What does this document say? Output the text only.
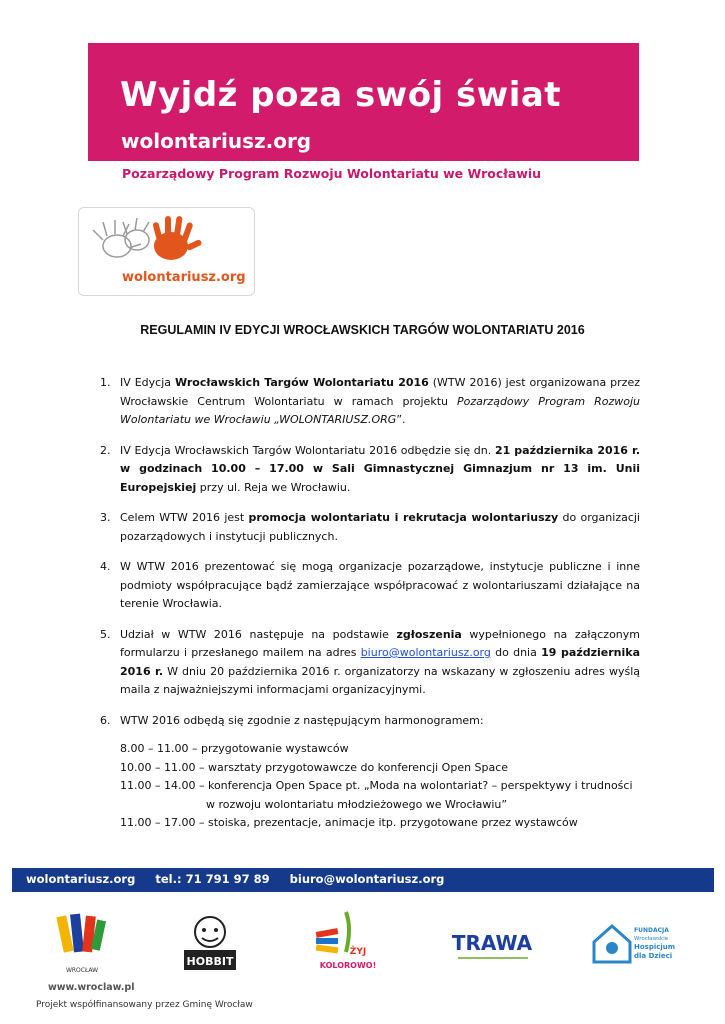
Wyjdź poza swój świat
wolontariusz.org
Pozarządowy Program Rozwoju Wolontariatu we Wrocławiu
wolontariusz.org
REGULAMIN IV EDYCJI WROCŁAWSKICH TARGÓW WOLONTARIATU 2016
1. IV Edycja Wrocławskich Targów Wolontariatu 2016 (WTW 2016) jest organizowana przez Wrocławskie Centrum Wolontariatu w ramach projektu Pozarządowy Program Rozwoju Wolontariatu we Wrocławiu „WOLONTARIUSZ.ORG”.
2. IV Edycja Wrocławskich Targów Wolontariatu 2016 odbędzie się dn. 21 października 2016 r. w godzinach 10.00 – 17.00 w Sali Gimnastycznej Gimnazjum nr 13 im. Unii Europejskiej przy ul. Reja we Wrocławiu.
3. Celem WTW 2016 jest promocja wolontariatu i rekrutacja wolontariuszy do organizacji pozarządowych i instytucji publicznych.
4. W WTW 2016 prezentować się mogą organizacje pozarządowe, instytucje publiczne i inne podmioty współpracujące bądź zamierzające współpracować z wolontariuszami działające na terenie Wrocławia.
5. Udział w WTW 2016 następuje na podstawie zgłoszenia wypełnionego na załączonym formularzu i przesłanego mailem na adres biuro@wolontariusz.org do dnia 19 października 2016 r. W dniu 20 października 2016 r. organizatorzy na wskazany w zgłoszeniu adres wyślą maila z najważniejszymi informacjami organizacyjnymi.
6. WTW 2016 odbędą się zgodnie z następującym harmonogramem:
8.00 – 11.00 – przygotowanie wystawców
10.00 – 11.00 – warsztaty przygotowawcze do konferencji Open Space
11.00 – 14.00 – konferencja Open Space pt. „Moda na wolontariat? – perspektywy i trudności
w rozwoju wolontariatu młodzieżowego we Wrocławiu”
11.00 – 17.00 – stoiska, prezentacje, animacje itp. przygotowane przez wystawców
wolontariusz.org tel.: 71 791 97 89 biuro@wolontariusz.org
WROCŁAW
HOBBIT
ŻYJ
KOLOROWO!
TRAWA
FUNDACJA
Wrocławskie
Hospicjum
dla Dzieci
www.wroclaw.pl
Projekt współfinansowany przez Gminę Wrocław
